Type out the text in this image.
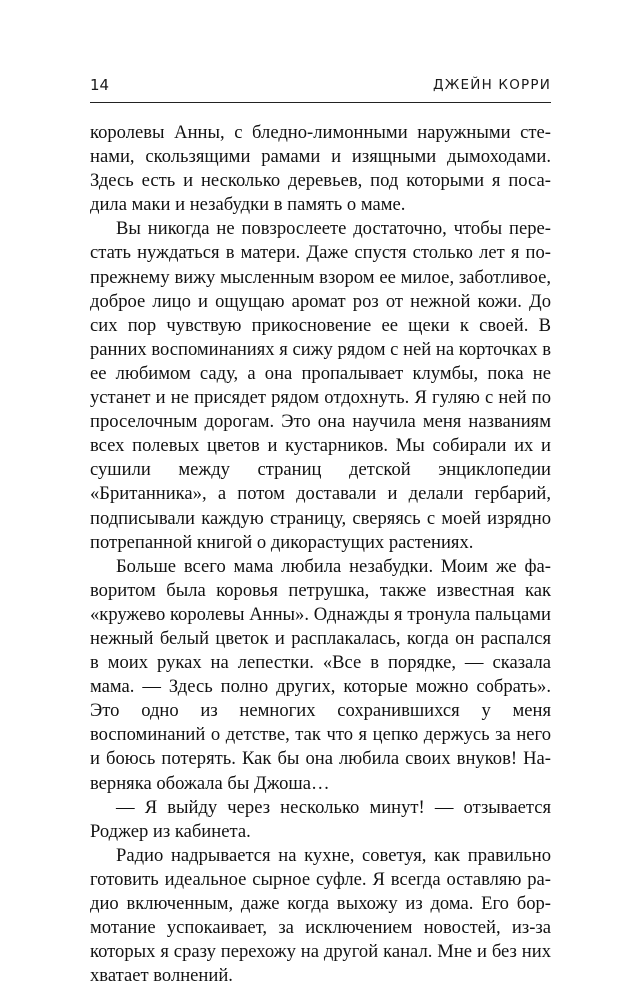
14	ДЖЕЙН КОРРИ

королевы Анны, с бледно-лимонными наружными стенами, скользящими рамами и изящными дымоходами. Здесь есть и несколько деревьев, под которыми я посадила маки и незабудки в память о маме.

Вы никогда не повзрослеете достаточно, чтобы перестать нуждаться в матери. Даже спустя столько лет я по-прежнему вижу мысленным взором ее милое, заботливое, доброе лицо и ощущаю аромат роз от нежной кожи. До сих пор чувствую прикосновение ее щеки к своей. В ранних воспоминаниях я сижу рядом с ней на корточках в ее любимом саду, а она пропалывает клумбы, пока не устанет и не присядет рядом отдохнуть. Я гуляю с ней по проселочным дорогам. Это она научила меня названиям всех полевых цветов и кустарников. Мы собирали их и сушили между страниц детской энциклопедии «Британника», а потом доставали и делали гербарий, подписывали каждую страницу, сверяясь с моей изрядно потрепанной книгой о дикорастущих растениях.

Больше всего мама любила незабудки. Моим же фаворитом была коровья петрушка, также известная как «кружево королевы Анны». Однажды я тронула пальцами нежный белый цветок и расплакалась, когда он распался в моих руках на лепестки. «Все в порядке, — сказала мама. — Здесь полно других, которые можно собрать». Это одно из немногих сохранившихся у меня воспоминаний о детстве, так что я цепко держусь за него и боюсь потерять. Как бы она любила своих внуков! Наверняка обожала бы Джоша…

— Я выйду через несколько минут! — отзывается Роджер из кабинета.

Радио надрывается на кухне, советуя, как правильно готовить идеальное сырное суфле. Я всегда оставляю радио включенным, даже когда выхожу из дома. Его бормотание успокаивает, за исключением новостей, из-за которых я сразу перехожу на другой канал. Мне и без них хватает волнений.
